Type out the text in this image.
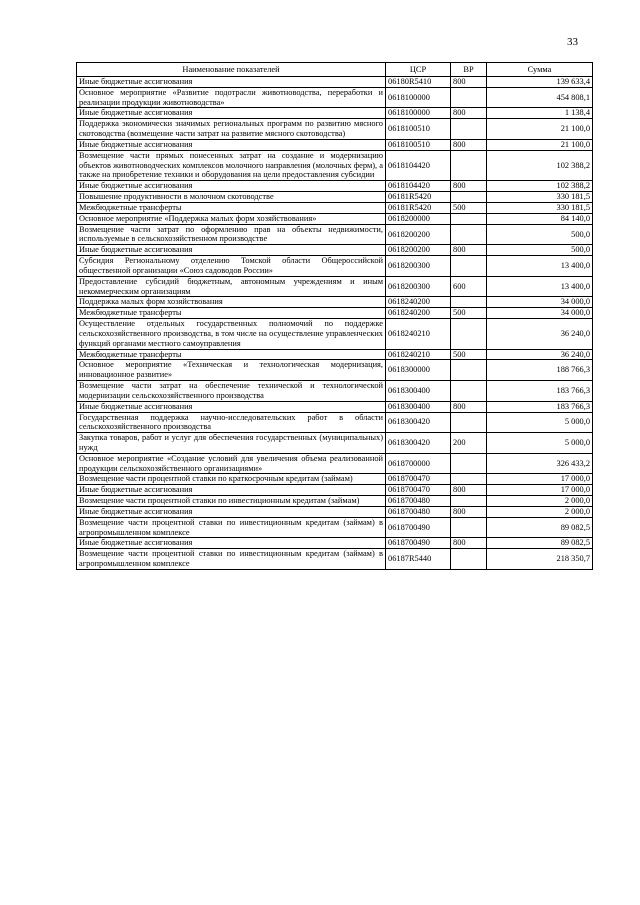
33
Наименование показателей	ЦСР	ВР	Сумма
Иные бюджетные ассигнования	06180R5410	800	139 633,4
Основное мероприятие «Развитие подотрасли животноводства, переработки и реализации продукции животноводства»	0618100000		454 808,1
Иные бюджетные ассигнования	0618100000	800	1 138,4
Поддержка экономически значимых региональных программ по развитию мясного скотоводства (возмещение части затрат на развитие мясного скотоводства)	0618100510		21 100,0
Иные бюджетные ассигнования	0618100510	800	21 100,0
Возмещение части прямых понесенных затрат на создание и модернизацию объектов животноводческих комплексов молочного направления (молочных ферм), а также на приобретение техники и оборудования на цели предоставления субсидии	0618104420		102 388,2
Иные бюджетные ассигнования	0618104420	800	102 388,2
Повышение продуктивности в молочном скотоводстве	06181R5420		330 181,5
Межбюджетные трансферты	06181R5420	500	330 181,5
Основное мероприятие «Поддержка малых форм хозяйствования»	0618200000		84 140,0
Возмещение части затрат по оформлению прав на объекты недвижимости, используемые в сельскохозяйственном производстве	0618200200		500,0
Иные бюджетные ассигнования	0618200200	800	500,0
Субсидия Региональному отделению Томской области Общероссийской общественной организации «Союз садоводов России»	0618200300		13 400,0
Предоставление субсидий бюджетным, автономным учреждениям и иным некоммерческим организациям	0618200300	600	13 400,0
Поддержка малых форм хозяйствования	0618240200		34 000,0
Межбюджетные трансферты	0618240200	500	34 000,0
Осуществление отдельных государственных полномочий по поддержке сельскохозяйственного производства, в том числе на осуществление управленческих функций органами местного самоуправления	0618240210		36 240,0
Межбюджетные трансферты	0618240210	500	36 240,0
Основное мероприятие «Техническая и технологическая модернизация, инновационное развитие»	0618300000		188 766,3
Возмещение части затрат на обеспечение технической и технологической модернизации сельскохозяйственного производства	0618300400		183 766,3
Иные бюджетные ассигнования	0618300400	800	183 766,3
Государственная поддержка научно-исследовательских работ в области сельскохозяйственного производства	0618300420		5 000,0
Закупка товаров, работ и услуг для обеспечения государственных (муниципальных) нужд	0618300420	200	5 000,0
Основное мероприятие «Создание условий для увеличения объема реализованной продукции сельскохозяйственного организациями»	0618700000		326 433,2
Возмещение части процентной ставки по краткосрочным кредитам (займам)	0618700470		17 000,0
Иные бюджетные ассигнования	0618700470	800	17 000,0
Возмещение части процентной ставки по инвестиционным кредитам (займам)	0618700480		2 000,0
Иные бюджетные ассигнования	0618700480	800	2 000,0
Возмещение части процентной ставки по инвестиционным кредитам (займам) в агропромышленном комплексе	0618700490		89 082,5
Иные бюджетные ассигнования	0618700490	800	89 082,5
Возмещение части процентной ставки по инвестиционным кредитам (займам) в агропромышленном комплексе	06187R5440		218 350,7
